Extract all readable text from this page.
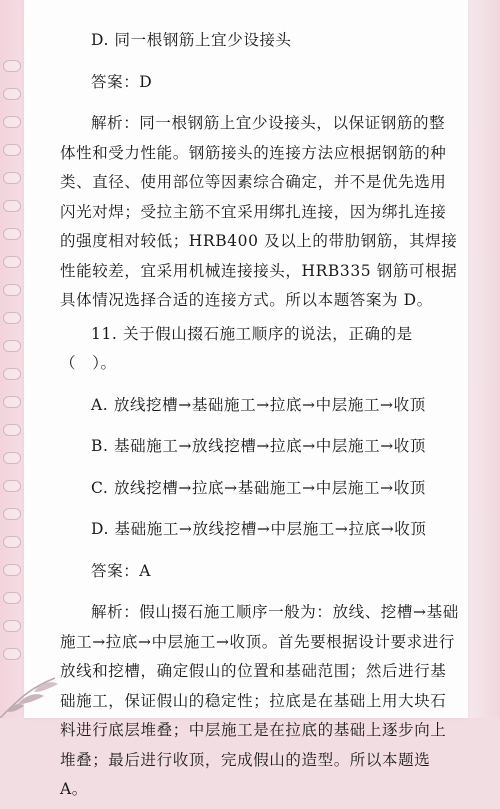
D. 同一根钢筋上宜少设接头

答案：D

解析：同一根钢筋上宜少设接头，以保证钢筋的整体性和受力性能。钢筋接头的连接方法应根据钢筋的种类、直径、使用部位等因素综合确定，并不是优先选用闪光对焊；受拉主筋不宜采用绑扎连接，因为绑扎连接的强度相对较低；HRB400 及以上的带肋钢筋，其焊接性能较差，宜采用机械连接接头，HRB335 钢筋可根据具体情况选择合适的连接方式。所以本题答案为 D。

11. 关于假山掇石施工顺序的说法，正确的是（　）。

A. 放线挖槽→基础施工→拉底→中层施工→收顶

B. 基础施工→放线挖槽→拉底→中层施工→收顶

C. 放线挖槽→拉底→基础施工→中层施工→收顶

D. 基础施工→放线挖槽→中层施工→拉底→收顶

答案：A

解析：假山掇石施工顺序一般为：放线、挖槽→基础施工→拉底→中层施工→收顶。首先要根据设计要求进行放线和挖槽，确定假山的位置和基础范围；然后进行基础施工，保证假山的稳定性；拉底是在基础上用大块石料进行底层堆叠；中层施工是在拉底的基础上逐步向上堆叠；最后进行收顶，完成假山的造型。所以本题选 A。
